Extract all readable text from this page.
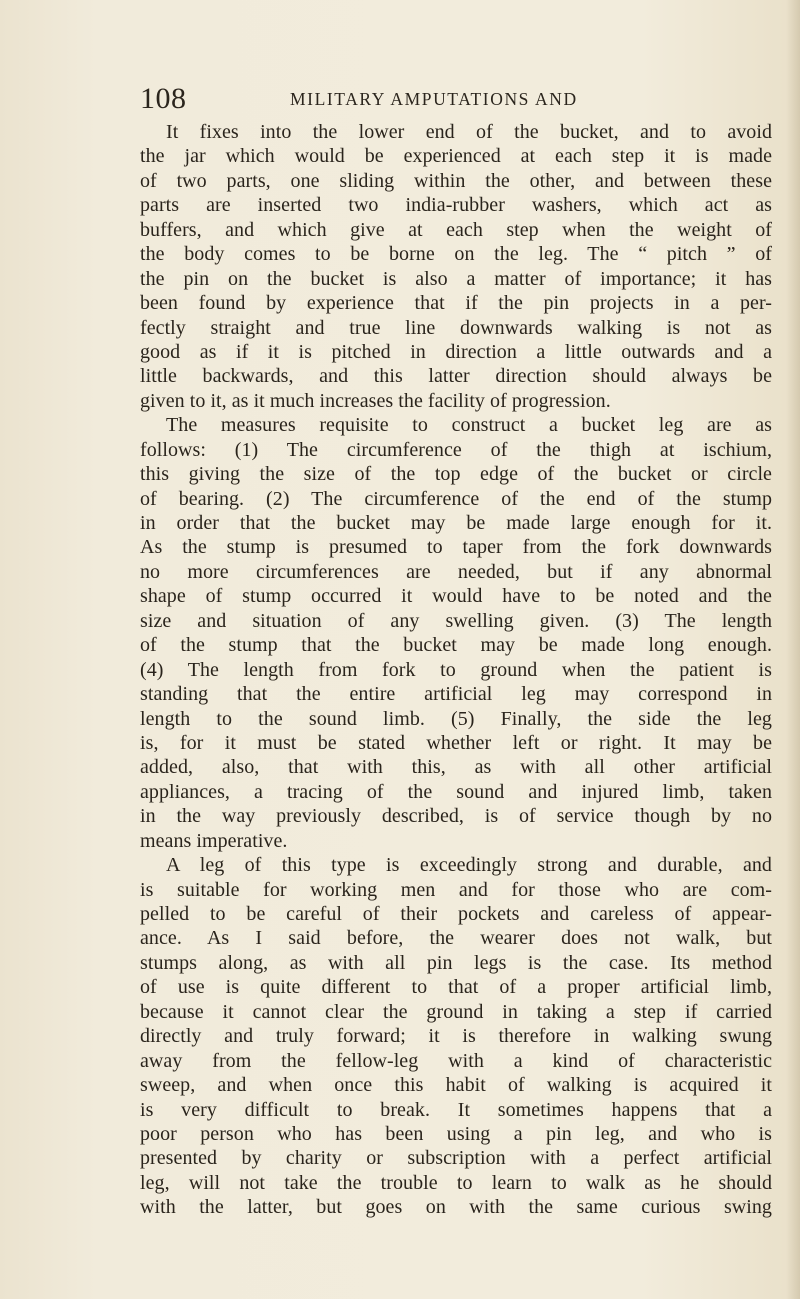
108	MILITARY AMPUTATIONS AND
It fixes into the lower end of the bucket, and to avoid
the jar which would be experienced at each step it is made
of two parts, one sliding within the other, and between these
parts are inserted two india-rubber washers, which act as
buffers, and which give at each step when the weight of
the body comes to be borne on the leg. The “ pitch ” of
the pin on the bucket is also a matter of importance; it has
been found by experience that if the pin projects in a per-
fectly straight and true line downwards walking is not as
good as if it is pitched in direction a little outwards and a
little backwards, and this latter direction should always be
given to it, as it much increases the facility of progression.
The measures requisite to construct a bucket leg are as
follows: (1) The circumference of the thigh at ischium,
this giving the size of the top edge of the bucket or circle
of bearing. (2) The circumference of the end of the stump
in order that the bucket may be made large enough for it.
As the stump is presumed to taper from the fork downwards
no more circumferences are needed, but if any abnormal
shape of stump occurred it would have to be noted and the
size and situation of any swelling given. (3) The length
of the stump that the bucket may be made long enough.
(4) The length from fork to ground when the patient is
standing that the entire artificial leg may correspond in
length to the sound limb. (5) Finally, the side the leg
is, for it must be stated whether left or right. It may be
added, also, that with this, as with all other artificial
appliances, a tracing of the sound and injured limb, taken
in the way previously described, is of service though by no
means imperative.
A leg of this type is exceedingly strong and durable, and
is suitable for working men and for those who are com-
pelled to be careful of their pockets and careless of appear-
ance. As I said before, the wearer does not walk, but
stumps along, as with all pin legs is the case. Its method
of use is quite different to that of a proper artificial limb,
because it cannot clear the ground in taking a step if carried
directly and truly forward; it is therefore in walking swung
away from the fellow-leg with a kind of characteristic
sweep, and when once this habit of walking is acquired it
is very difficult to break. It sometimes happens that a
poor person who has been using a pin leg, and who is
presented by charity or subscription with a perfect artificial
leg, will not take the trouble to learn to walk as he should
with the latter, but goes on with the same curious swing
